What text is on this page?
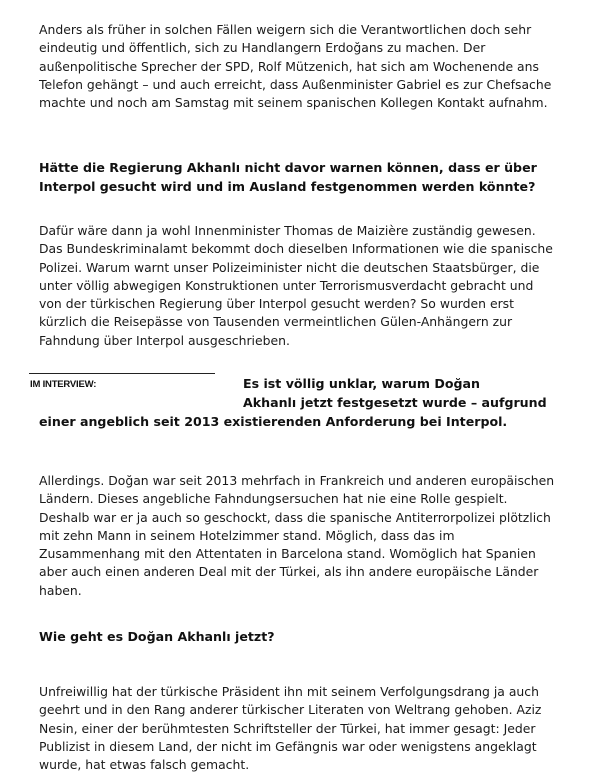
Anders als früher in solchen Fällen weigern sich die Verantwortlichen doch sehr eindeutig und öffentlich, sich zu Handlangern Erdoğans zu machen. Der außenpolitische Sprecher der SPD, Rolf Mützenich, hat sich am Wochenende ans Telefon gehängt – und auch erreicht, dass Außenminister Gabriel es zur Chefsache machte und noch am Samstag mit seinem spanischen Kollegen Kontakt aufnahm.

Hätte die Regierung Akhanlı nicht davor warnen können, dass er über Interpol gesucht wird und im Ausland festgenommen werden könnte?

Dafür wäre dann ja wohl Innenminister Thomas de Maizière zuständig gewesen. Das Bundeskriminalamt bekommt doch dieselben Informationen wie die spanische Polizei. Warum warnt unser Polizeiminister nicht die deutschen Staatsbürger, die unter völlig abwegigen Konstruktionen unter Terrorismusverdacht gebracht und von der türkischen Regierung über Interpol gesucht werden? So wurden erst kürzlich die Reisepässe von Tausenden vermeintlichen Gülen-Anhängern zur Fahndung über Interpol ausgeschrieben.

IM INTERVIEW:	Es ist völlig unklar, warum Doğan

Akhanlı jetzt festgesetzt wurde – aufgrund einer angeblich seit 2013 existierenden Anforderung bei Interpol.

Allerdings. Doğan war seit 2013 mehrfach in Frankreich und anderen europäischen Ländern. Dieses angebliche Fahndungsersuchen hat nie eine Rolle gespielt. Deshalb war er ja auch so geschockt, dass die spanische Antiterrorpolizei plötzlich mit zehn Mann in seinem Hotelzimmer stand. Möglich, dass das im Zusammenhang mit den Attentaten in Barcelona stand. Womöglich hat Spanien aber auch einen anderen Deal mit der Türkei, als ihn andere europäische Länder haben.

Wie geht es Doğan Akhanlı jetzt?

Unfreiwillig hat der türkische Präsident ihn mit seinem Verfolgungsdrang ja auch geehrt und in den Rang anderer türkischer Literaten von Weltrang gehoben. Aziz Nesin, einer der berühmtesten Schriftsteller der Türkei, hat immer gesagt: Jeder Publizist in diesem Land, der nicht im Gefängnis war oder wenigstens angeklagt wurde, hat etwas falsch gemacht.
